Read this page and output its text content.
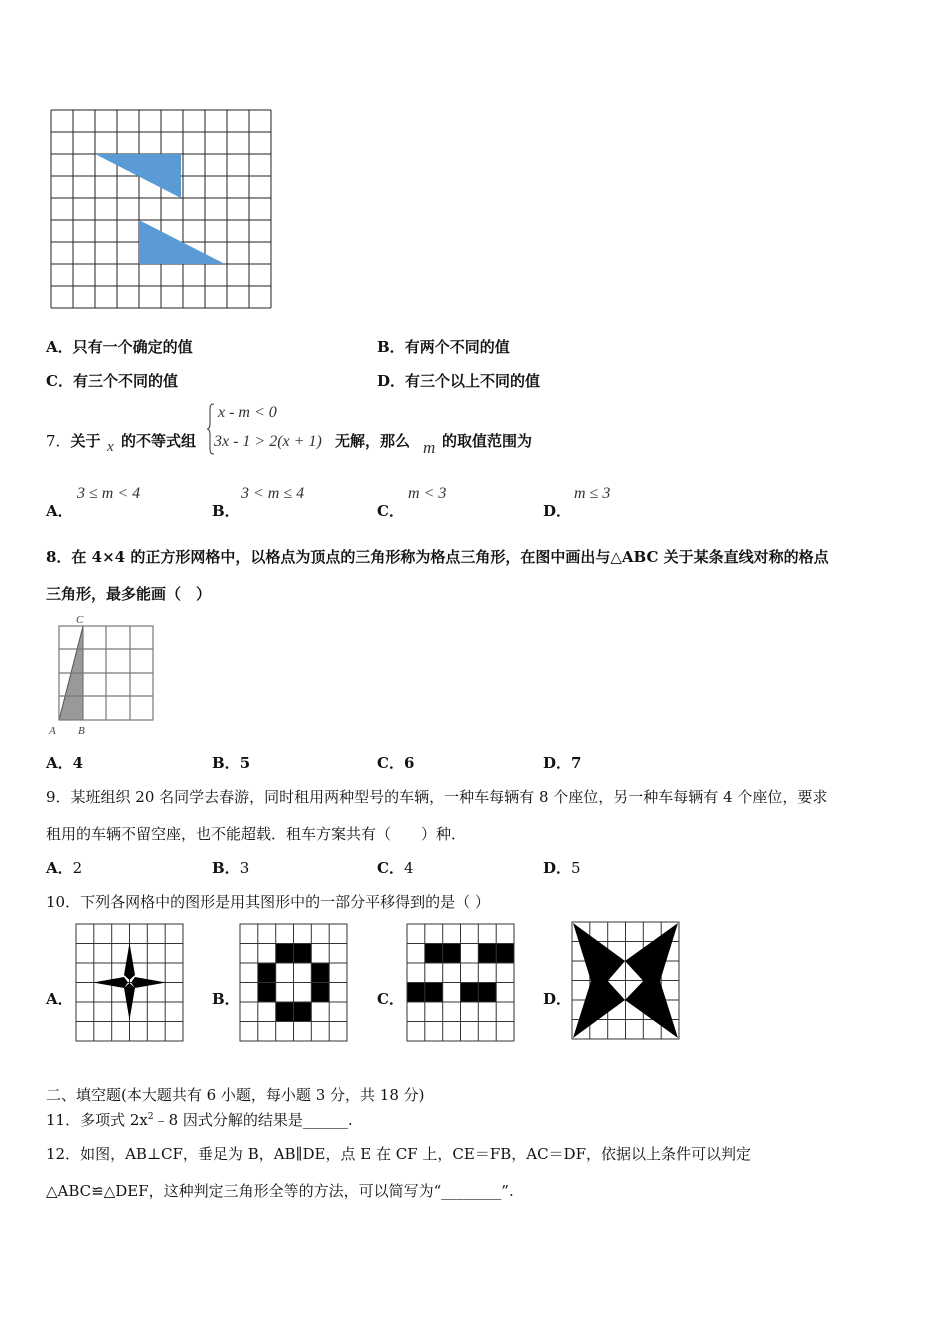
A．只有一个确定的值	B．有两个不同的值
C．有三个不同的值	D．有三个以上不同的值
7．关于 x 的不等式组
x - m < 0
3x - 1 > 2(x + 1) 无解，那么 m 的取值范围为
A．
3 ≤ m < 4
B．
3 < m ≤ 4
C．
m < 3
D．
m ≤ 3
8．在 4×4 的正方形网格中，以格点为顶点的三角形称为格点三角形，在图中画出与△ABC 关于某条直线对称的格点
三角形，最多能画（　）
C
A B
A．4	B．5	C．6	D．7
9．某班组织 20 名同学去春游，同时租用两种型号的车辆，一种车每辆有 8 个座位，另一种车每辆有 4 个座位，要求
租用的车辆不留空座，也不能超载．租车方案共有（　　）种．
A．2	B．3	C．4	D．5
10．下列各网格中的图形是用其图形中的一部分平移得到的是（ ）
A．	B．	C．	D．
二、填空题(本大题共有 6 小题，每小题 3 分，共 18 分)
11．多项式 $2x^2﹣8$ 因式分解的结果是______.
12．如图，AB⊥CF，垂足为 B，AB∥DE，点 E 在 CF 上，CE＝FB，AC＝DF，依据以上条件可以判定
△ABC≌△DEF，这种判定三角形全等的方法，可以简写为“________”.
